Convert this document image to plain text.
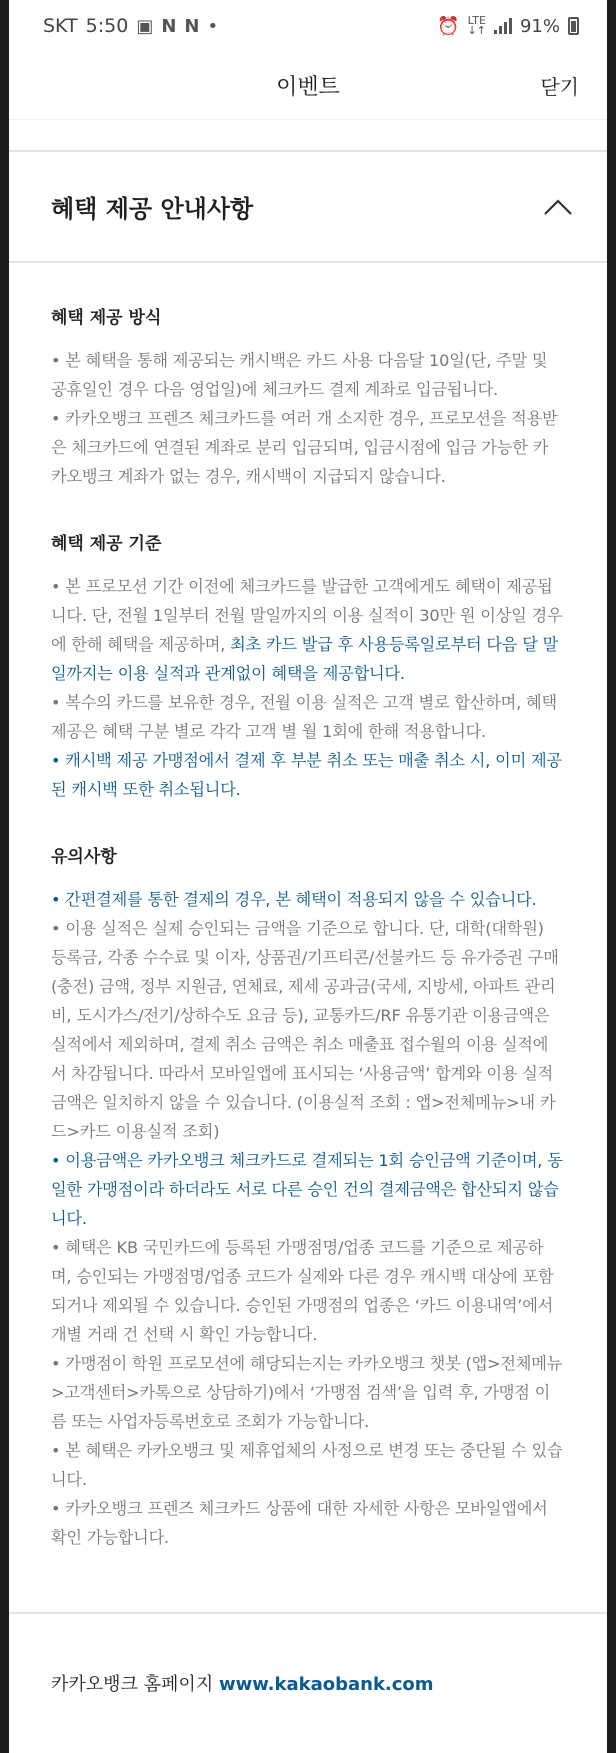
SKT 5:50 ▣ N N •	⏰ LTE
↓↑ 91%
이벤트	닫기
혜택 제공 안내사항
혜택 제공 방식

• 본 혜택을 통해 제공되는 캐시백은 카드 사용 다음달 10일(단, 주말 및 공휴일인 경우 다음 영업일)에 체크카드 결제 계좌로 입금됩니다.

• 카카오뱅크 프렌즈 체크카드를 여러 개 소지한 경우, 프로모션을 적용받은 체크카드에 연결된 계좌로 분리 입금되며, 입금시점에 입금 가능한 카카오뱅크 계좌가 없는 경우, 캐시백이 지급되지 않습니다.

혜택 제공 기준

• 본 프로모션 기간 이전에 체크카드를 발급한 고객에게도 혜택이 제공됩니다. 단, 전월 1일부터 전월 말일까지의 이용 실적이 30만 원 이상일 경우에 한해 혜택을 제공하며, 최초 카드 발급 후 사용등록일로부터 다음 달 말일까지는 이용 실적과 관계없이 혜택을 제공합니다.

• 복수의 카드를 보유한 경우, 전월 이용 실적은 고객 별로 합산하며, 혜택제공은 혜택 구분 별로 각각 고객 별 월 1회에 한해 적용합니다.

• 캐시백 제공 가맹점에서 결제 후 부분 취소 또는 매출 취소 시, 이미 제공된 캐시백 또한 취소됩니다.

유의사항

• 간편결제를 통한 결제의 경우, 본 혜택이 적용되지 않을 수 있습니다.

• 이용 실적은 실제 승인되는 금액을 기준으로 합니다. 단, 대학(대학원) 등록금, 각종 수수료 및 이자, 상품권/기프티콘/선불카드 등 유가증권 구매(충전) 금액, 정부 지원금, 연체료, 제세 공과금(국세, 지방세, 아파트 관리비, 도시가스/전기/상하수도 요금 등), 교통카드/RF 유통기관 이용금액은 실적에서 제외하며, 결제 취소 금액은 취소 매출표 접수월의 이용 실적에서 차감됩니다. 따라서 모바일앱에 표시되는 ‘사용금액’ 합계와 이용 실적 금액은 일치하지 않을 수 있습니다. (이용실적 조회 : 앱>전체메뉴>내 카드>카드 이용실적 조회)

• 이용금액은 카카오뱅크 체크카드로 결제되는 1회 승인금액 기준이며, 동일한 가맹점이라 하더라도 서로 다른 승인 건의 결제금액은 합산되지 않습니다.

• 혜택은 KB 국민카드에 등록된 가맹점명/업종 코드를 기준으로 제공하며, 승인되는 가맹점명/업종 코드가 실제와 다른 경우 캐시백 대상에 포함되거나 제외될 수 있습니다. 승인된 가맹점의 업종은 ‘카드 이용내역’에서 개별 거래 건 선택 시 확인 가능합니다.

• 가맹점이 학원 프로모션에 해당되는지는 카카오뱅크 챗봇 (앱>전체메뉴>고객센터>카톡으로 상담하기)에서 ‘가맹점 검색’을 입력 후, 가맹점 이름 또는 사업자등록번호로 조회가 가능합니다.

• 본 혜택은 카카오뱅크 및 제휴업체의 사정으로 변경 또는 중단될 수 있습니다.

• 카카오뱅크 프렌즈 체크카드 상품에 대한 자세한 사항은 모바일앱에서 확인 가능합니다.

카카오뱅크 홈페이지 www.kakaobank.com
